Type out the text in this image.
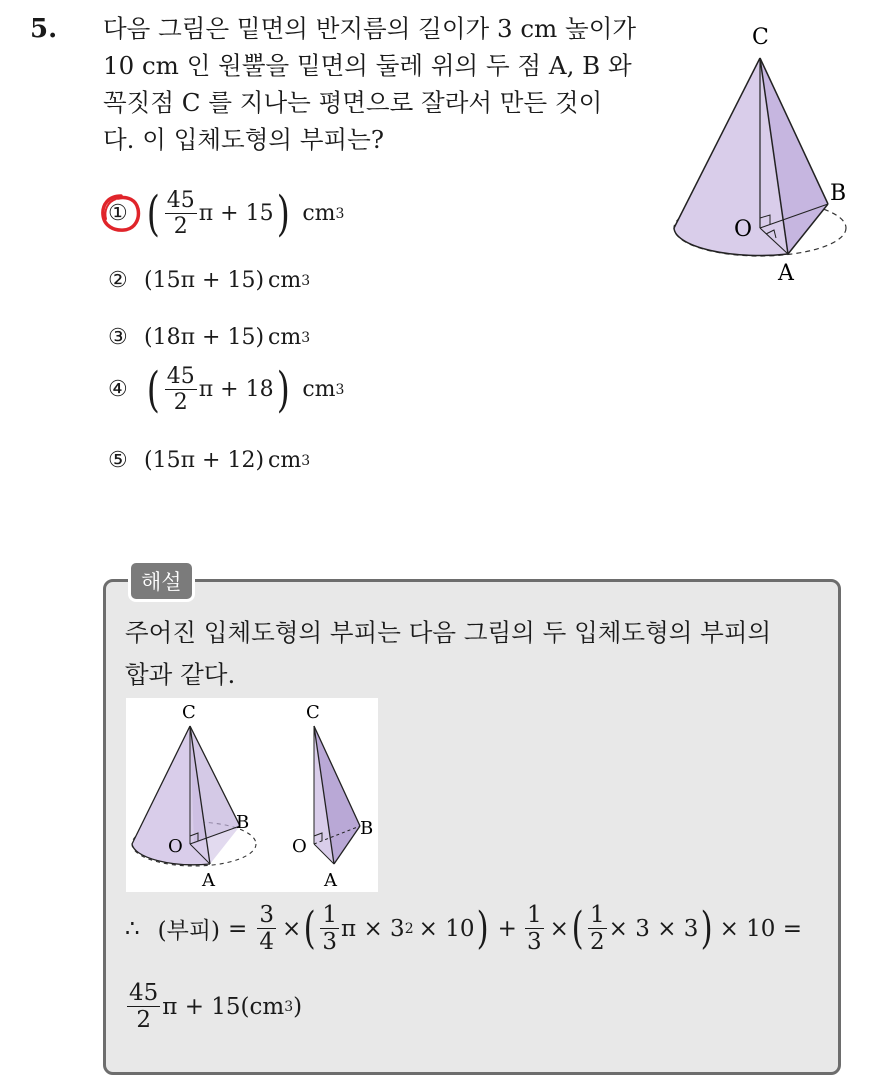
5. 다음 그림은 밑면의 반지름의 길이가 3 cm 높이가
10 cm 인 원뿔을 밑면의 둘레 위의 두 점 A, B 와
꼭짓점 C 를 지나는 평면으로 잘라서 만든 것이
다. 이 입체도형의 부피는?
C
B
O
A
① ( $\frac{45}{2}$ π + 15 ) cm 3
② (15π + 15) cm 3
③ (18π + 15) cm 3
④ ( $\frac{45}{2}$ π + 18 ) cm 3
⑤ (15π + 12) cm 3
해설
주어진 입체도형의 부피는 다음 그림의 두 입체도형의 부피의
합과 같다.
C
B
O
A
C
B
O
A
∴ (부피) = $\frac{3}{4}$ × ( $\frac{1}{3}$ π × 3 2 × 10 ) + $\frac{1}{3}$ × ( $\frac{1}{2} \times 3 \times 3$ ) × 10 =
$\frac{45}{2}$ π + 15( cm 3 )
